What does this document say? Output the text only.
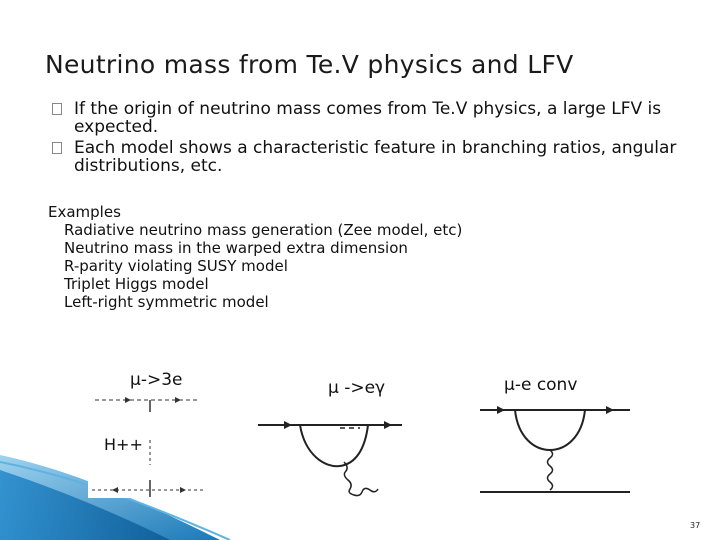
Neutrino mass from Te.V physics and LFV
If the origin of neutrino mass comes from Te.V physics, a large LFV is expected.
Each model shows a characteristic feature in branching ratios, angular distributions, etc.
Examples
Radiative neutrino mass generation (Zee model, etc)
Neutrino mass in the warped extra dimension
R-parity violating SUSY model
Triplet Higgs model
Left-right symmetric model
μ->3e	μ ->eγ	μ-e conv
H++
37
